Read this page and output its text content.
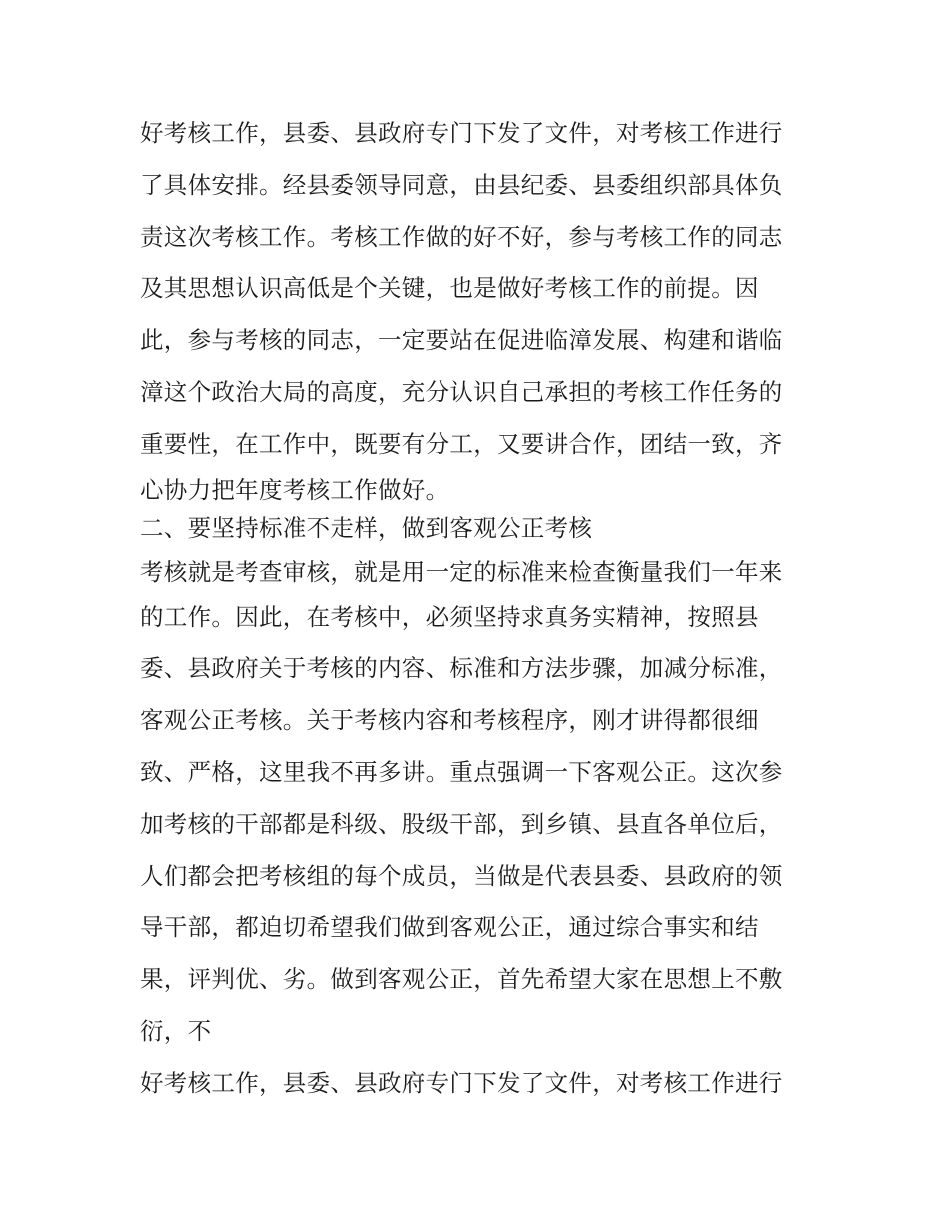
好考核工作，县委、县政府专门下发了文件，对考核工作进行
了具体安排。经县委领导同意，由县纪委、县委组织部具体负
责这次考核工作。考核工作做的好不好，参与考核工作的同志
及其思想认识高低是个关键，也是做好考核工作的前提。因
此，参与考核的同志，一定要站在促进临漳发展、构建和谐临
漳这个政治大局的高度，充分认识自己承担的考核工作任务的
重要性，在工作中，既要有分工，又要讲合作，团结一致，齐
心协力把年度考核工作做好。
二、要坚持标准不走样，做到客观公正考核
考核就是考查审核，就是用一定的标准来检查衡量我们一年来
的工作。因此，在考核中，必须坚持求真务实精神，按照县
委、县政府关于考核的内容、标准和方法步骤，加减分标准，
客观公正考核。关于考核内容和考核程序，刚才讲得都很细
致、严格，这里我不再多讲。重点强调一下客观公正。这次参
加考核的干部都是科级、股级干部，到乡镇、县直各单位后，
人们都会把考核组的每个成员，当做是代表县委、县政府的领
导干部，都迫切希望我们做到客观公正，通过综合事实和结
果，评判优、劣。做到客观公正，首先希望大家在思想上不敷
衍，不
好考核工作，县委、县政府专门下发了文件，对考核工作进行
